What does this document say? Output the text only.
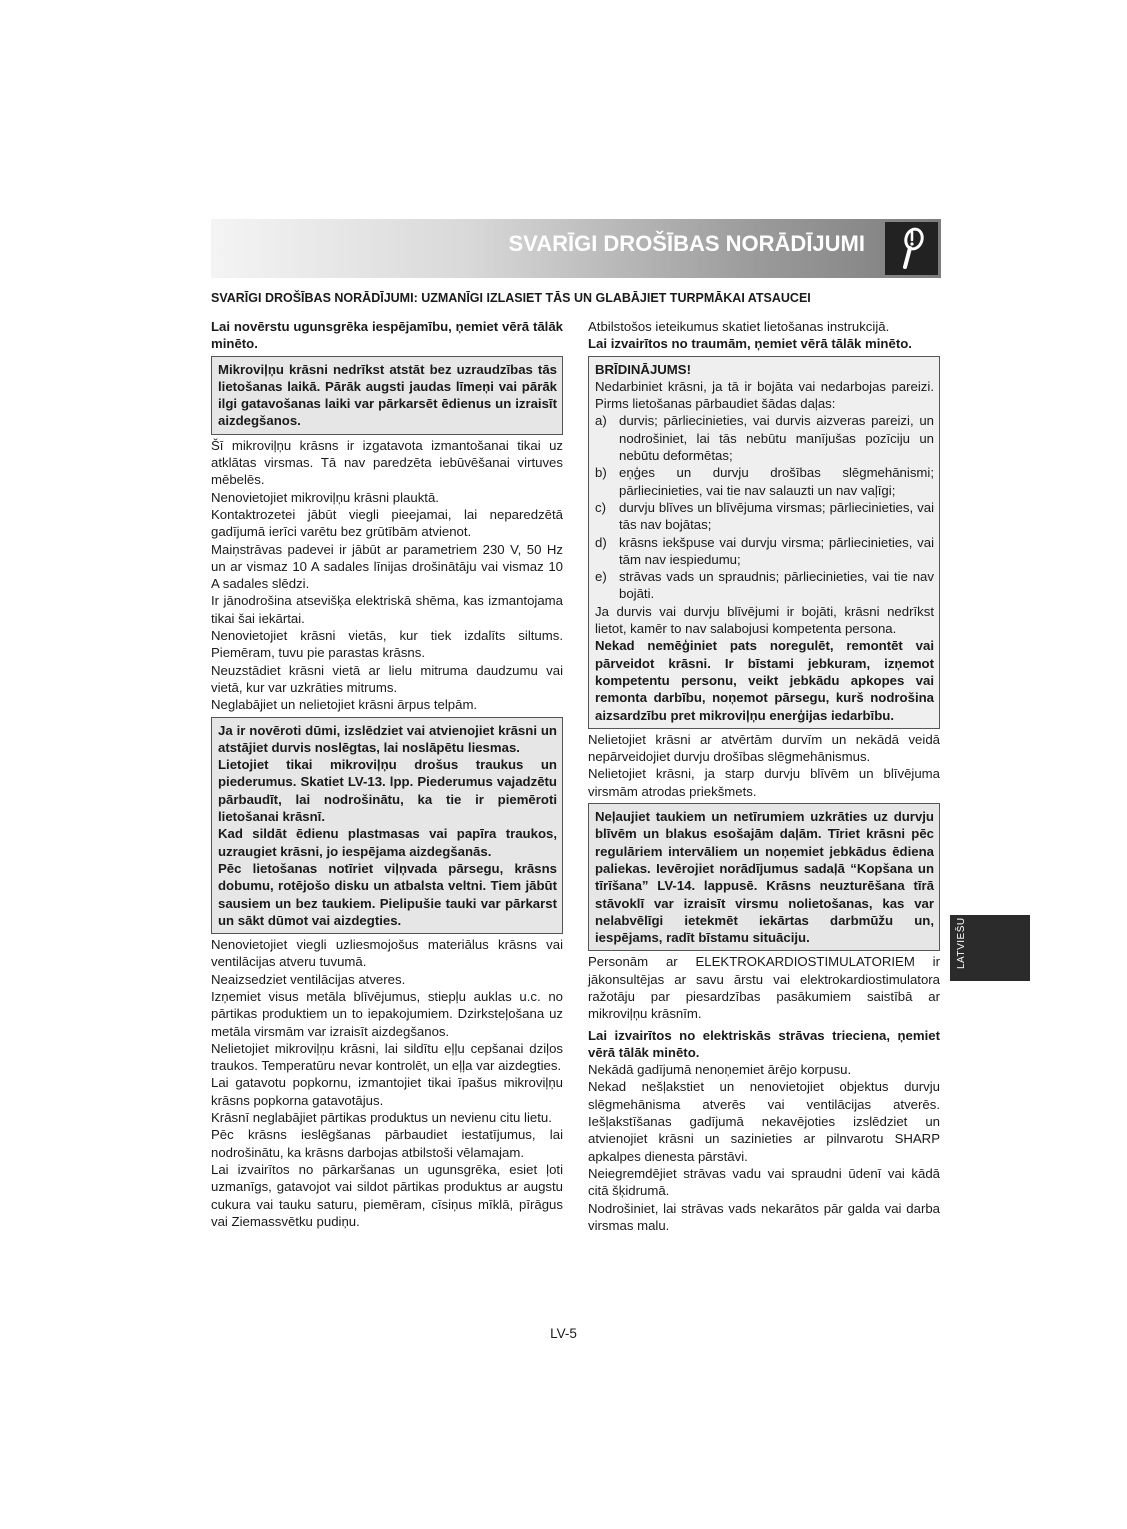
SVARĪGI DROŠĪBAS NORĀDĪJUMI
SVARĪGI DROŠĪBAS NORĀDĪJUMI: UZMANĪGI IZLASIET TĀS UN GLABĀJIET TURPMĀKAI ATSAUCEI

Lai novērstu ugunsgrēka iespējamību, ņemiet vērā tālāk minēto.

Mikroviļņu krāsni nedrīkst atstāt bez uzraudzības tās lietošanas laikā. Pārāk augsti jaudas līmeņi vai pārāk ilgi gatavošanas laiki var pārkarsēt ēdienus un izraisīt aizdegšanos.

Šī mikroviļņu krāsns ir izgatavota izmantošanai tikai uz atklātas virsmas. Tā nav paredzēta iebūvēšanai virtuves mēbelēs.

Nenovietojiet mikroviļņu krāsni plauktā.

Kontaktrozetei jābūt viegli pieejamai, lai neparedzētā gadījumā ierīci varētu bez grūtībām atvienot.

Maiņstrāvas padevei ir jābūt ar parametriem 230 V, 50 Hz un ar vismaz 10 A sadales līnijas drošinātāju vai vismaz 10 A sadales slēdzi.

Ir jānodrošina atsevišķa elektriskā shēma, kas izmantojama tikai šai iekārtai.

Nenovietojiet krāsni vietās, kur tiek izdalīts siltums. Piemēram, tuvu pie parastas krāsns.

Neuzstādiet krāsni vietā ar lielu mitruma daudzumu vai vietā, kur var uzkrāties mitrums.

Neglabājiet un nelietojiet krāsni ārpus telpām.

Ja ir novēroti dūmi, izslēdziet vai atvienojiet krāsni un atstājiet durvis noslēgtas, lai noslāpētu liesmas.

Lietojiet tikai mikroviļņu drošus traukus un piederumus. Skatiet LV-13. lpp. Piederumus vajadzētu pārbaudīt, lai nodrošinātu, ka tie ir piemēroti lietošanai krāsnī.

Kad sildāt ēdienu plastmasas vai papīra traukos, uzraugiet krāsni, jo iespējama aizdegšanās.

Pēc lietošanas notīriet viļņvada pārsegu, krāsns dobumu, rotējošo disku un atbalsta veltni. Tiem jābūt sausiem un bez taukiem. Pielipušie tauki var pārkarst un sākt dūmot vai aizdegties.

Nenovietojiet viegli uzliesmojošus materiālus krāsns vai ventilācijas atveru tuvumā.

Neaizsedziet ventilācijas atveres.

Izņemiet visus metāla blīvējumus, stiepļu auklas u.c. no pārtikas produktiem un to iepakojumiem. Dzirksteļošana uz metāla virsmām var izraisīt aizdegšanos.

Nelietojiet mikroviļņu krāsni, lai sildītu eļļu cepšanai dziļos traukos. Temperatūru nevar kontrolēt, un eļļa var aizdegties.

Lai gatavotu popkornu, izmantojiet tikai īpašus mikroviļņu krāsns popkorna gatavotājus.

Krāsnī neglabājiet pārtikas produktus un nevienu citu lietu.

Pēc krāsns ieslēgšanas pārbaudiet iestatījumus, lai nodrošinātu, ka krāsns darbojas atbilstoši vēlamajam.

Lai izvairītos no pārkaršanas un ugunsgrēka, esiet ļoti uzmanīgs, gatavojot vai sildot pārtikas produktus ar augstu cukura vai tauku saturu, piemēram, cīsiņus mīklā, pīrāgus vai Ziemassvētku pudiņu.

Atbilstošos ieteikumus skatiet lietošanas instrukcijā.

Lai izvairītos no traumām, ņemiet vērā tālāk minēto.

BRĪDINĀJUMS!

Nedarbiniet krāsni, ja tā ir bojāta vai nedarbojas pareizi. Pirms lietošanas pārbaudiet šādas daļas:

a) durvis; pārliecinieties, vai durvis aizveras pareizi, un nodrošiniet, lai tās nebūtu manījušas pozīciju un nebūtu deformētas;
b) eņģes un durvju drošības slēgmehānismi; pārliecinieties, vai tie nav salauzti un nav vaļīgi;
c) durvju blīves un blīvējuma virsmas; pārliecinieties, vai tās nav bojātas;
d) krāsns iekšpuse vai durvju virsma; pārliecinieties, vai tām nav iespiedumu;
e) strāvas vads un spraudnis; pārliecinieties, vai tie nav bojāti.

Ja durvis vai durvju blīvējumi ir bojāti, krāsni nedrīkst lietot, kamēr to nav salabojusi kompetenta persona.

Nekad nemēģiniet pats noregulēt, remontēt vai pārveidot krāsni. Ir bīstami jebkuram, izņemot kompetentu personu, veikt jebkādu apkopes vai remonta darbību, noņemot pārsegu, kurš nodrošina aizsardzību pret mikroviļņu enerģijas iedarbību.

Nelietojiet krāsni ar atvērtām durvīm un nekādā veidā nepārveidojiet durvju drošības slēgmehānismus.

Nelietojiet krāsni, ja starp durvju blīvēm un blīvējuma virsmām atrodas priekšmets.

Neļaujiet taukiem un netīrumiem uzkrāties uz durvju blīvēm un blakus esošajām daļām. Tīriet krāsni pēc regulāriem intervāliem un noņemiet jebkādus ēdiena paliekas. Ievērojiet norādījumus sadaļā “Kopšana un tīrīšana” LV-14. lappusē. Krāsns neuzturēšana tīrā stāvoklī var izraisīt virsmu nolietošanas, kas var nelabvēlīgi ietekmēt iekārtas darbmūžu un, iespējams, radīt bīstamu situāciju.

Personām ar ELEKTROKARDIOSTIMULATORIEM ir jākonsultējas ar savu ārstu vai elektrokardiostimulatora ražotāju par piesardzības pasākumiem saistībā ar mikroviļņu krāsnīm.

Lai izvairītos no elektriskās strāvas trieciena, ņemiet vērā tālāk minēto.

Nekādā gadījumā nenoņemiet ārējo korpusu.

Nekad nešļakstiet un nenovietojiet objektus durvju slēgmehānisma atverēs vai ventilācijas atverēs. Iešļakstīšanas gadījumā nekavējoties izslēdziet un atvienojiet krāsni un sazinieties ar pilnvarotu SHARP apkalpes dienesta pārstāvi.

Neiegremdējiet strāvas vadu vai spraudni ūdenī vai kādā citā šķidrumā.

Nodrošiniet, lai strāvas vads nekarātos pār galda vai darba virsmas malu.

LATVIEŠU
LV-5
